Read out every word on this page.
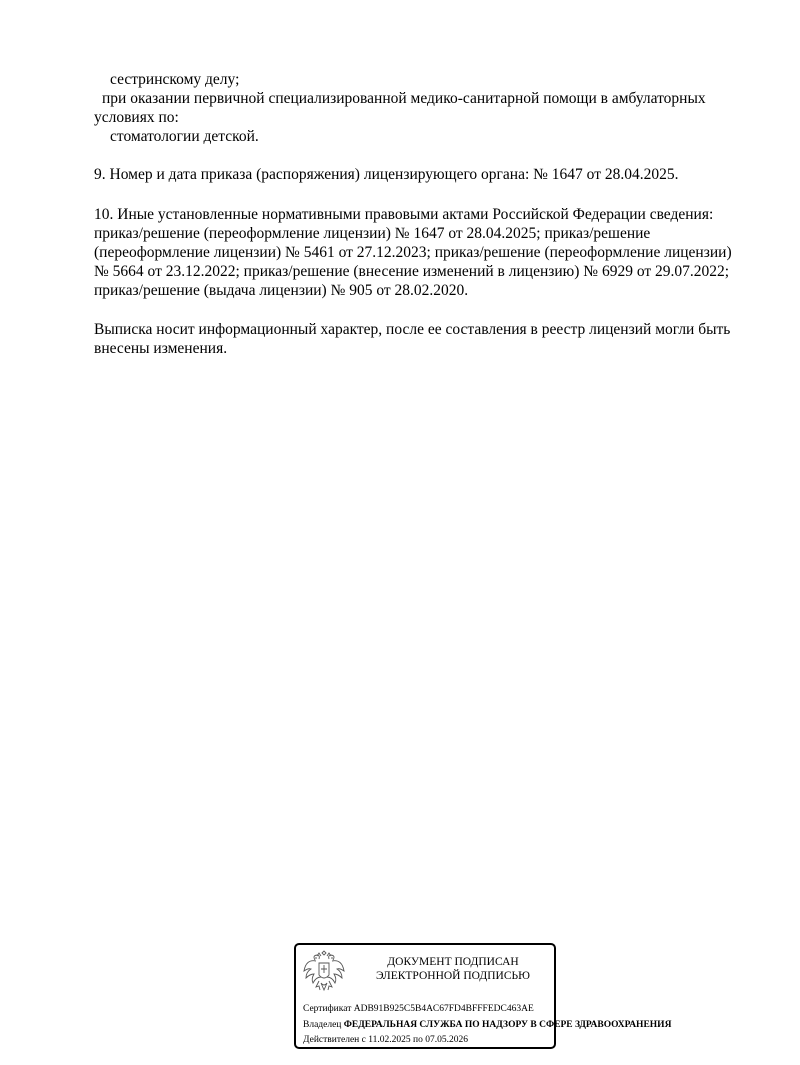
сестринскому делу;
при оказании первичной специализированной медико-санитарной помощи в амбулаторных
условиях по:
стоматологии детской.
9. Номер и дата приказа (распоряжения) лицензирующего органа: № 1647 от 28.04.2025.
10. Иные установленные нормативными правовыми актами Российской Федерации сведения:
приказ/решение (переоформление лицензии) № 1647 от 28.04.2025; приказ/решение
(переоформление лицензии) № 5461 от 27.12.2023; приказ/решение (переоформление лицензии)
№ 5664 от 23.12.2022; приказ/решение (внесение изменений в лицензию) № 6929 от 29.07.2022;
приказ/решение (выдача лицензии) № 905 от 28.02.2020.
Выписка носит информационный характер, после ее составления в реестр лицензий могли быть
внесены изменения.
ДОКУМЕНТ ПОДПИСАН
ЭЛЕКТРОННОЙ ПОДПИСЬЮ
Сертификат ADB91B925C5B4AC67FD4BFFFEDC463AE
Владелец ФЕДЕРАЛЬНАЯ СЛУЖБА ПО НАДЗОРУ В СФЕРЕ ЗДРАВООХРАНЕНИЯ
Действителен с 11.02.2025 по 07.05.2026
